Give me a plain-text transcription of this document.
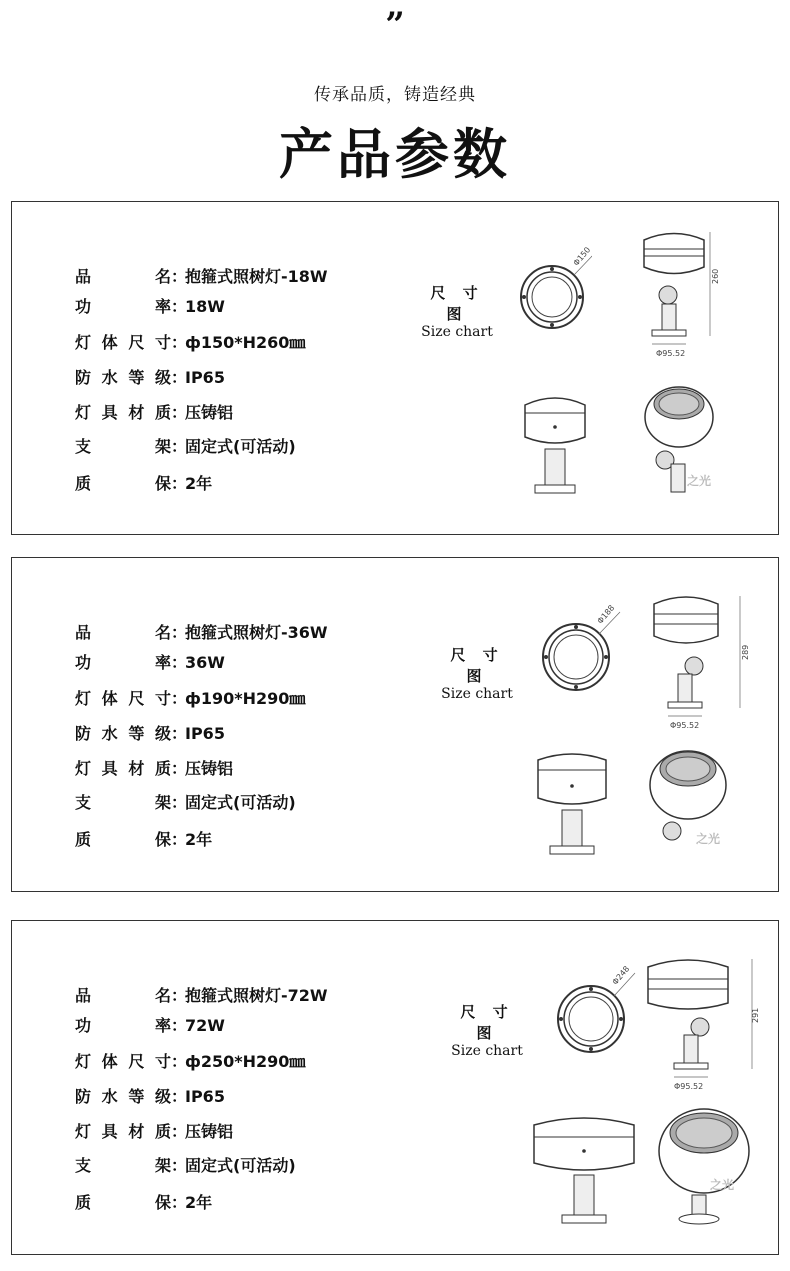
”
传承品质，铸造经典
产品参数
品　名：抱箍式照树灯-18W
功　率：18W
灯体尺寸：ф150*H260㎜
防水等级：IP65
灯具材质：压铸铝
支　架：固定式(可活动)
质　保：2年
尺 寸 图
Size chart
Φ150
260
Φ95.52
之光
品　名：抱箍式照树灯-36W
功　率：36W
灯体尺寸：ф190*H290㎜
防水等级：IP65
灯具材质：压铸铝
支　架：固定式(可活动)
质　保：2年
尺 寸 图
Size chart
Φ188
289
Φ95.52
之光
品　名：抱箍式照树灯-72W
功　率：72W
灯体尺寸：ф250*H290㎜
防水等级：IP65
灯具材质：压铸铝
支　架：固定式(可活动)
质　保：2年
尺 寸 图
Size chart
Φ248
291
Φ95.52
之光
